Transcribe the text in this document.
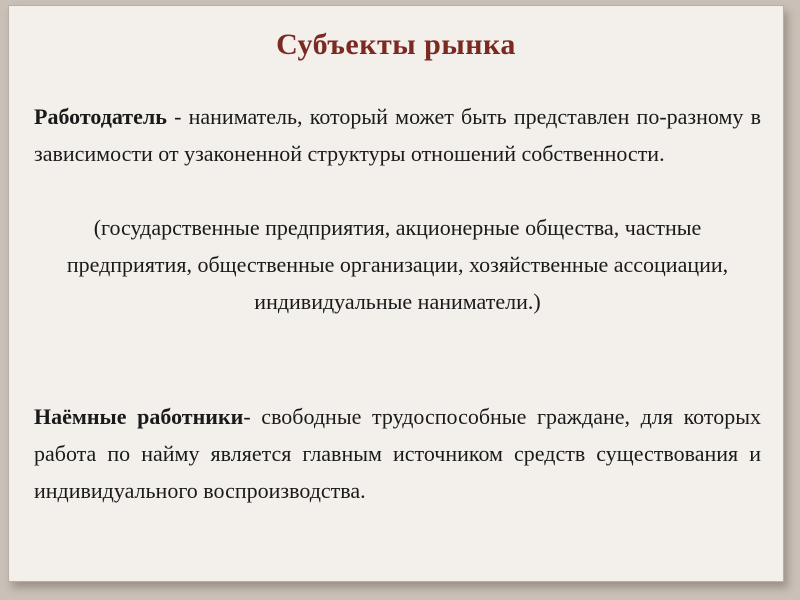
Субъекты рынка
Работодатель - наниматель, который может быть представлен по-разному в зависимости от узаконенной структуры отношений собственности.
(государственные предприятия, акционерные общества, частные предприятия, общественные организации, хозяйственные ассоциации, индивидуальные наниматели.)
Наёмные работники- свободные трудоспособные граждане, для которых работа по найму является главным источником средств существования и индивидуального воспроизводства.
